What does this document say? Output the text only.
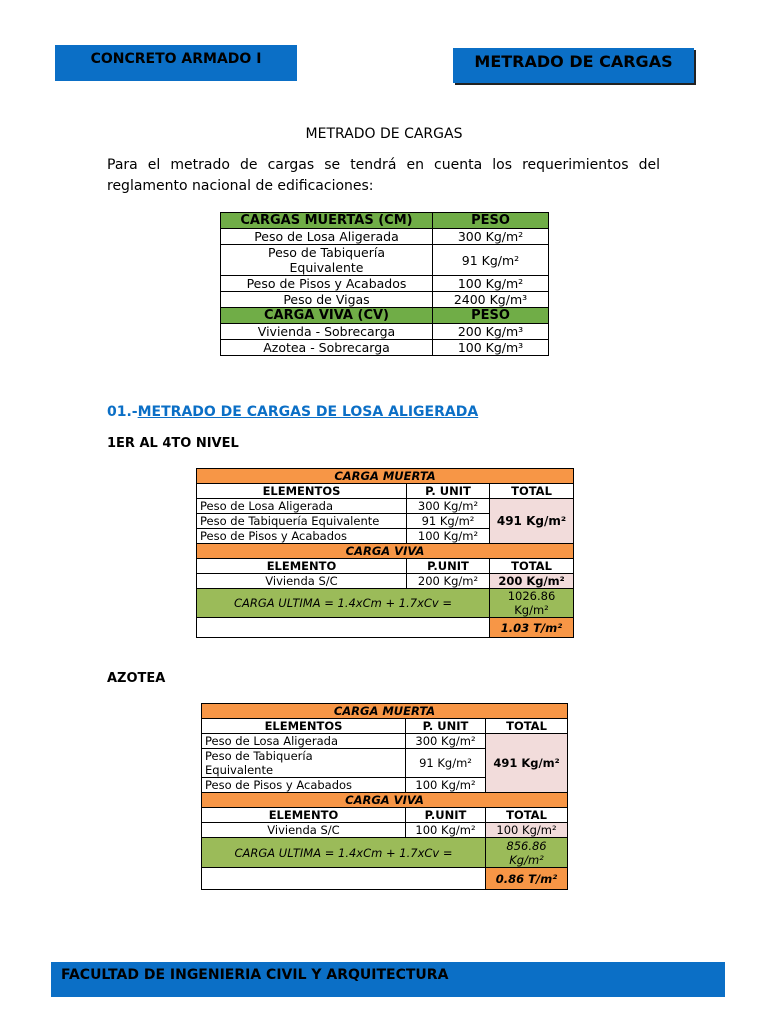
CONCRETO ARMADO I	METRADO DE CARGAS
METRADO DE CARGAS
Para el metrado de cargas se tendrá en cuenta los requerimientos del reglamento nacional de edificaciones:
CARGAS MUERTAS (CM)	PESO
Peso de Losa Aligerada	300 Kg/m²
Peso de Tabiquería Equivalente	91 Kg/m²
Peso de Pisos y Acabados	100 Kg/m²
Peso de Vigas	2400 Kg/m³
CARGA VIVA (CV)	PESO
Vivienda - Sobrecarga	200 Kg/m³
Azotea - Sobrecarga	100 Kg/m³
01.-METRADO DE CARGAS DE LOSA ALIGERADA
1ER AL 4TO NIVEL
CARGA MUERTA		
ELEMENTOS	P. UNIT	TOTAL
Peso de Losa Aligerada	300 Kg/m²	491 Kg/m²
Peso de Tabiquería Equivalente	91 Kg/m²	
Peso de Pisos y Acabados	100 Kg/m²	
CARGA VIVA		
ELEMENTO	P.UNIT	TOTAL
Vivienda S/C	200 Kg/m²	200 Kg/m²
CARGA ULTIMA = 1.4xCm + 1.7xCv =		1026.86 Kg/m²
		1.03 T/m²
AZOTEA
CARGA MUERTA		
ELEMENTOS	P. UNIT	TOTAL
Peso de Losa Aligerada	300 Kg/m²	491 Kg/m²

Peso de Tabiquería Equivalente	91 Kg/m²	
Peso de Pisos y Acabados	100 Kg/m²	
CARGA VIVA		
ELEMENTO	P.UNIT	TOTAL
Vivienda S/C	100 Kg/m²	100 Kg/m²
CARGA ULTIMA = 1.4xCm + 1.7xCv =		856.86 Kg/m²
		0.86 T/m²
FACULTAD DE INGENIERIA CIVIL Y ARQUITECTURA
